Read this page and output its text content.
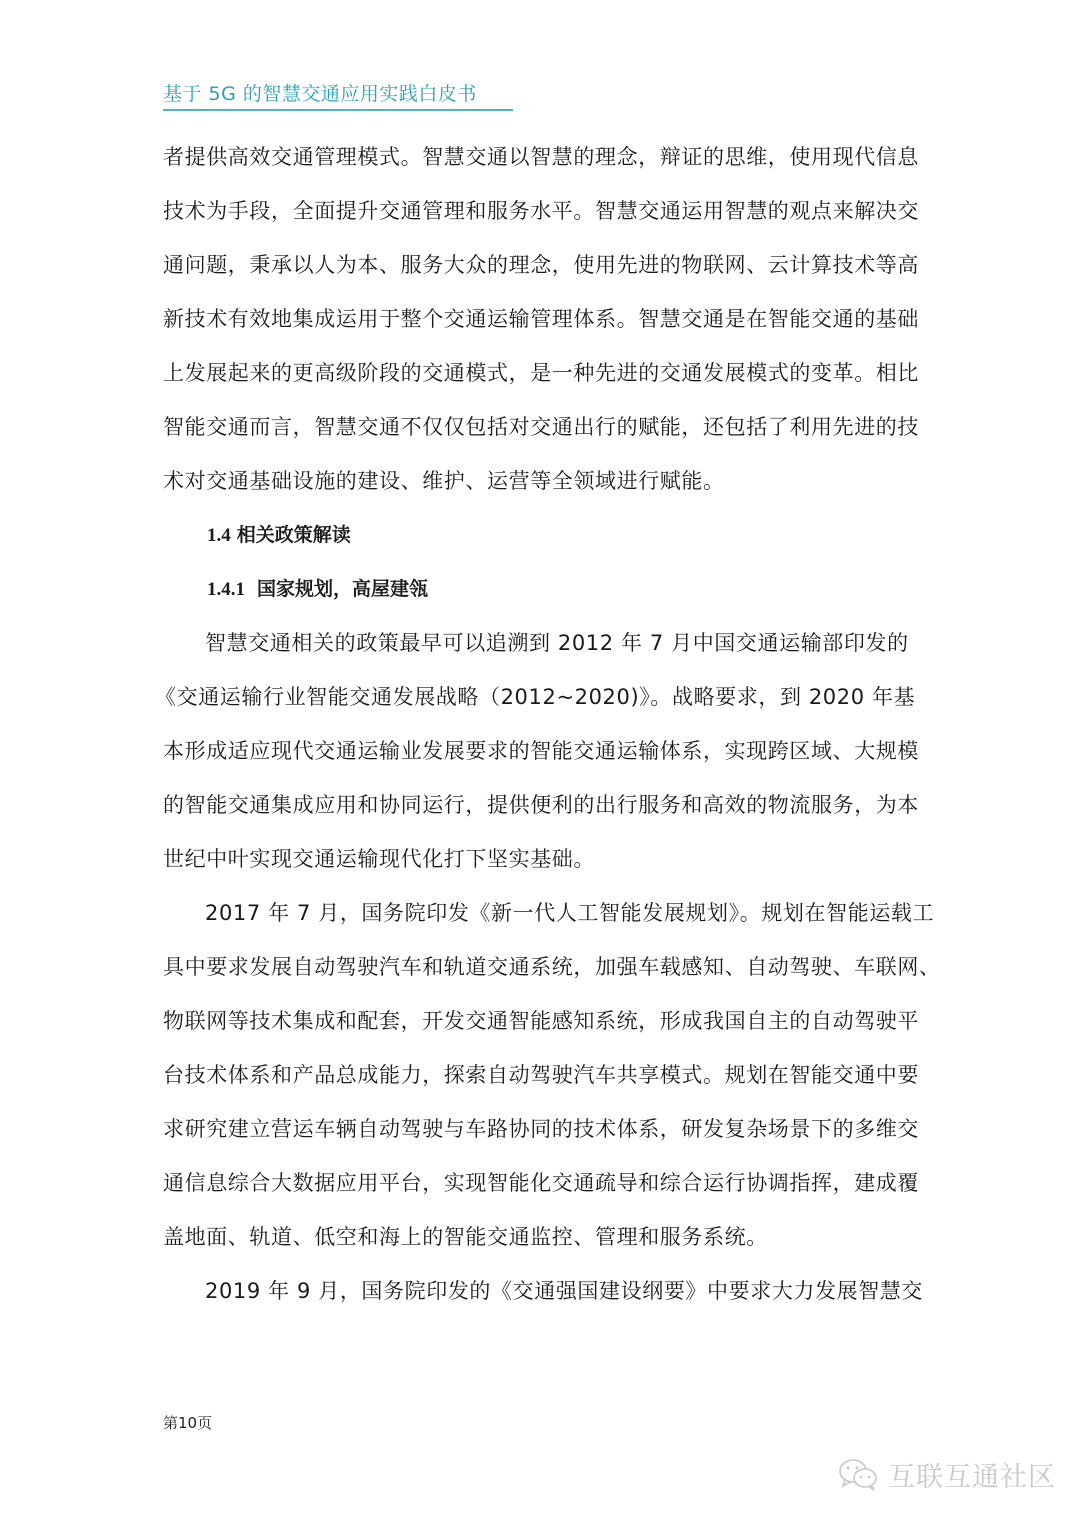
基于 5G 的智慧交通应用实践白皮书
者提供高效交通管理模式。智慧交通以智慧的理念，辩证的思维，使用现代信息
技术为手段，全面提升交通管理和服务水平。智慧交通运用智慧的观点来解决交
通问题，秉承以人为本、服务大众的理念，使用先进的物联网、云计算技术等高
新技术有效地集成运用于整个交通运输管理体系。智慧交通是在智能交通的基础
上发展起来的更高级阶段的交通模式，是一种先进的交通发展模式的变革。相比
智能交通而言，智慧交通不仅仅包括对交通出行的赋能，还包括了利用先进的技
术对交通基础设施的建设、维护、运营等全领域进行赋能。
1.4 相关政策解读
1.4.1 国家规划，高屋建瓴
智慧交通相关的政策最早可以追溯到 2012 年 7 月中国交通运输部印发的
《交通运输行业智能交通发展战略（2012~2020)》。战略要求，到 2020 年基
本形成适应现代交通运输业发展要求的智能交通运输体系，实现跨区域、大规模
的智能交通集成应用和协同运行，提供便利的出行服务和高效的物流服务，为本
世纪中叶实现交通运输现代化打下坚实基础。
2017 年 7 月，国务院印发《新一代人工智能发展规划》。规划在智能运载工
具中要求发展自动驾驶汽车和轨道交通系统，加强车载感知、自动驾驶、车联网、
物联网等技术集成和配套，开发交通智能感知系统，形成我国自主的自动驾驶平
台技术体系和产品总成能力，探索自动驾驶汽车共享模式。规划在智能交通中要
求研究建立营运车辆自动驾驶与车路协同的技术体系，研发复杂场景下的多维交
通信息综合大数据应用平台，实现智能化交通疏导和综合运行协调指挥，建成覆
盖地面、轨道、低空和海上的智能交通监控、管理和服务系统。
2019 年 9 月，国务院印发的《交通强国建设纲要》中要求大力发展智慧交
第10页
互联互通社区
